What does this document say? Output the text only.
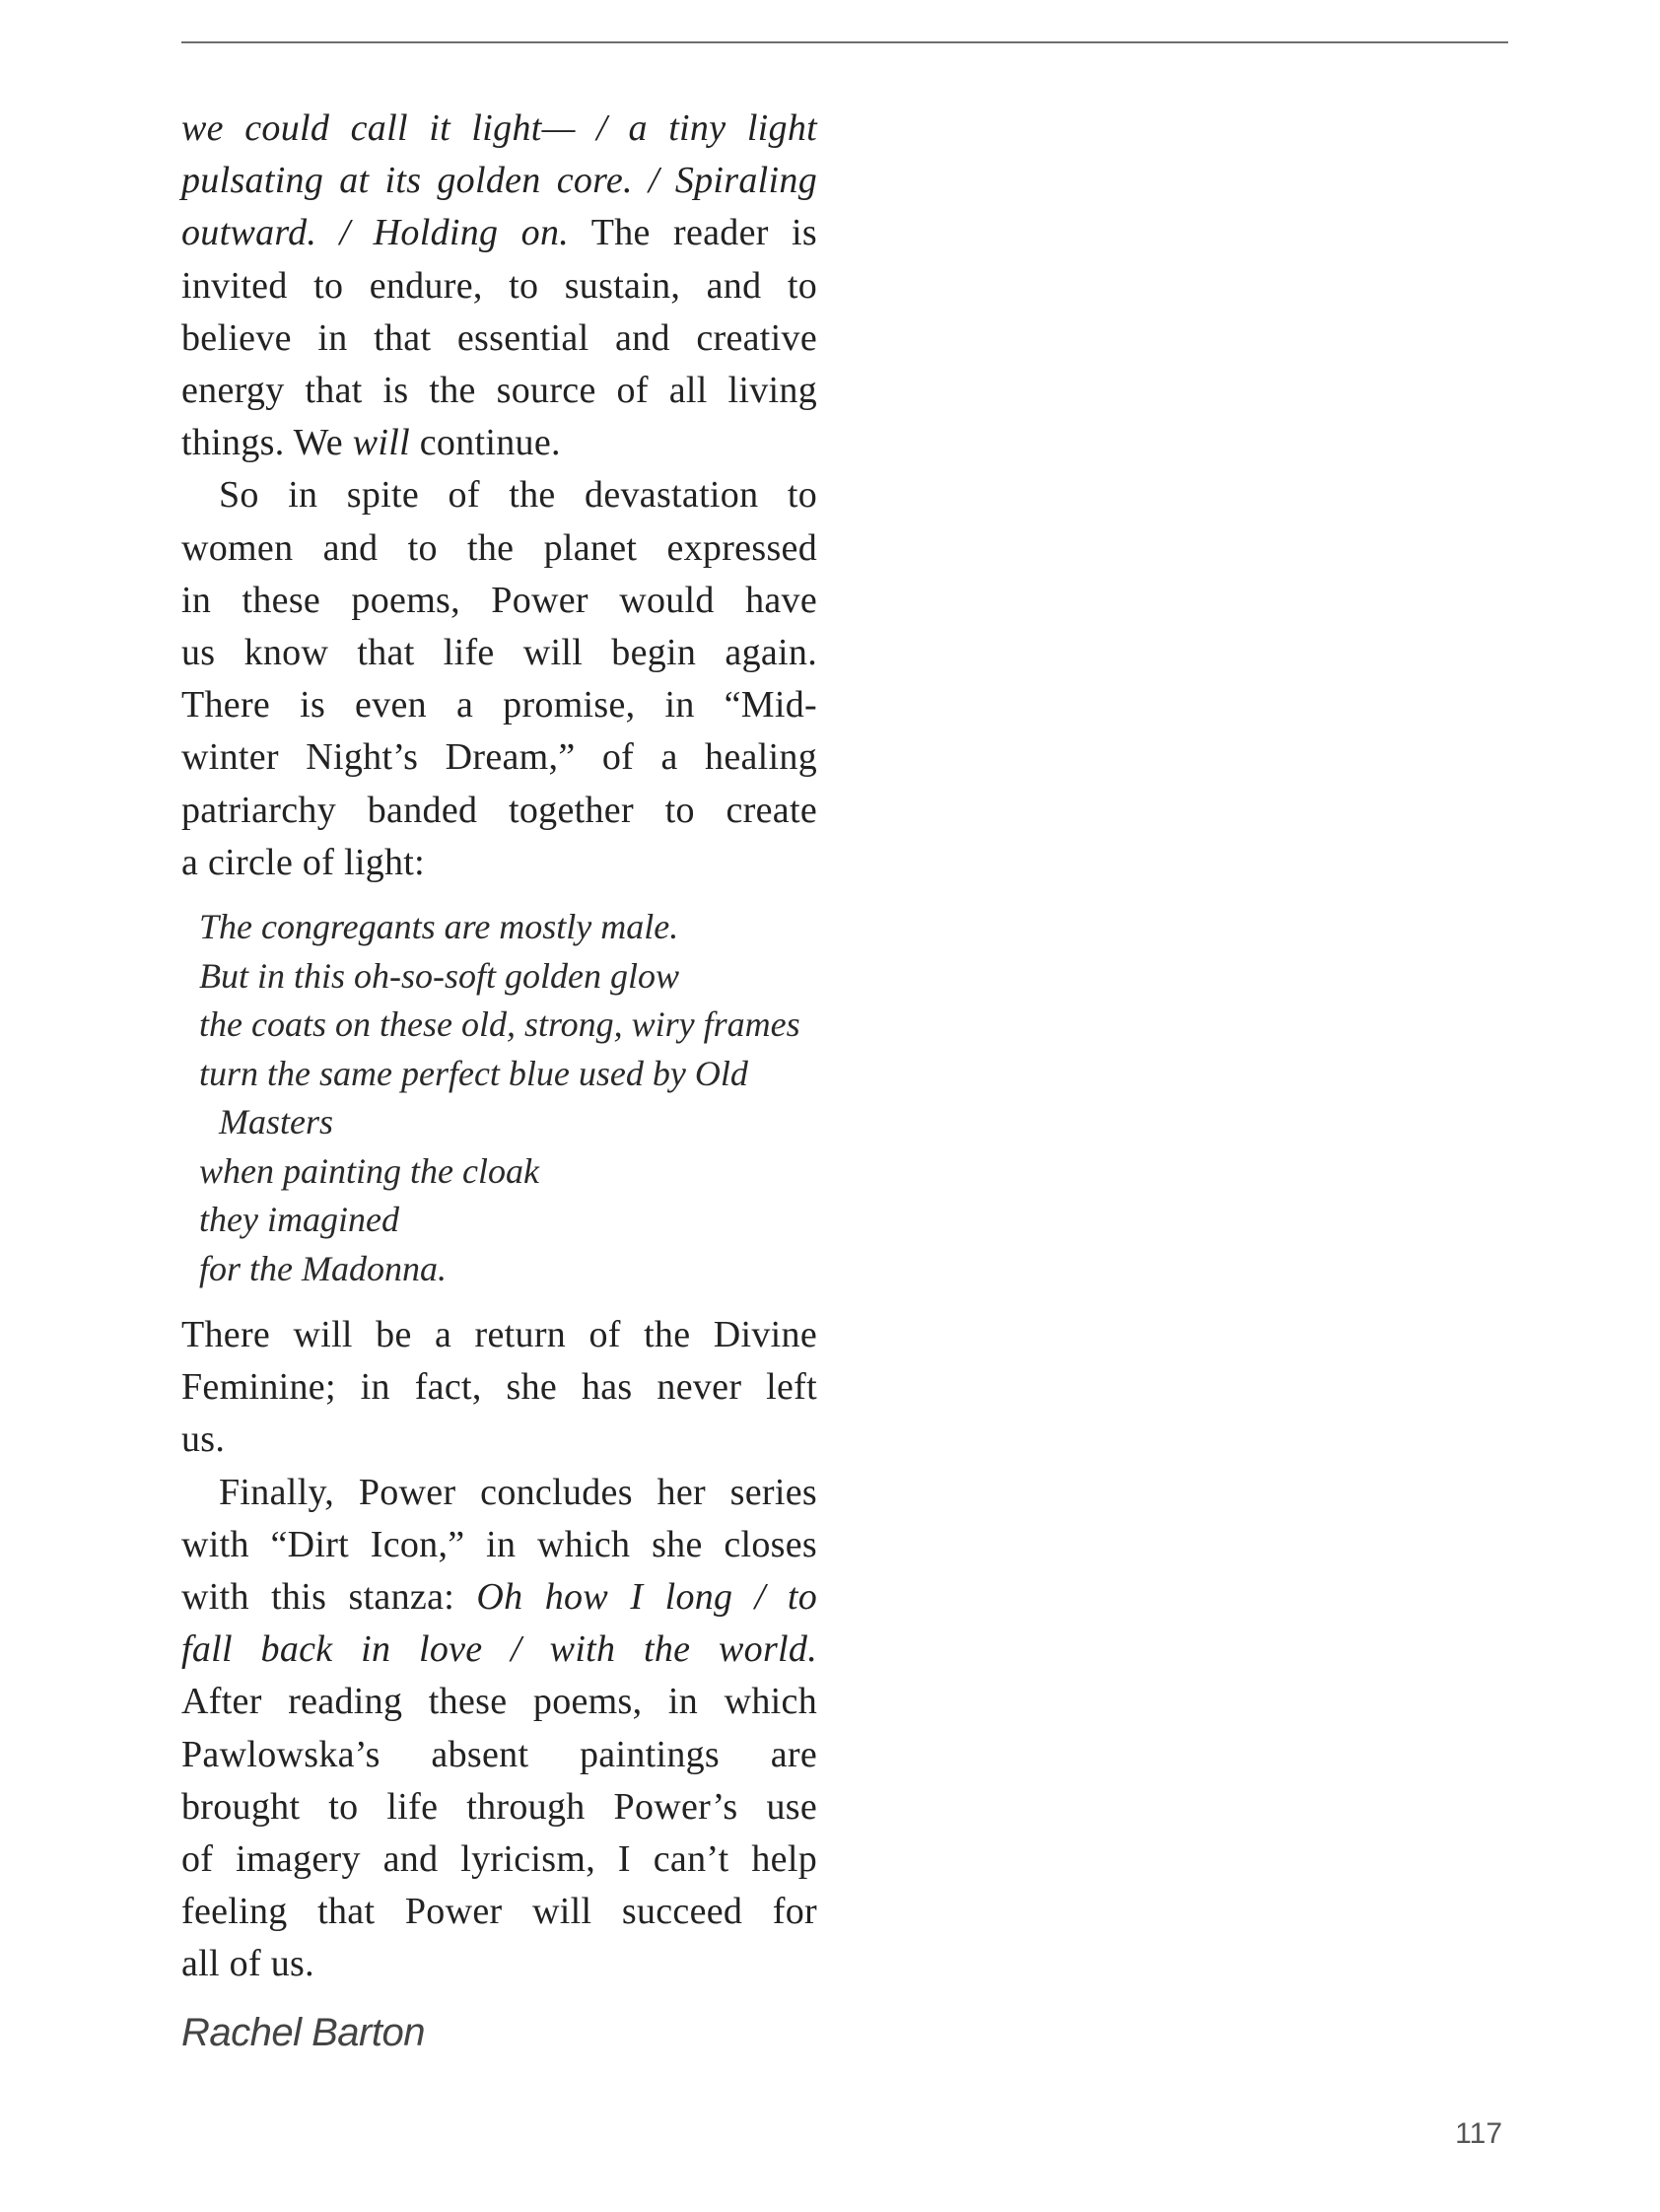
we could call it light— / a tiny light
pulsating at its golden core. / Spiraling
outward. / Holding on. The reader is
invited to endure, to sustain, and to
believe in that essential and creative
energy that is the source of all living
things. We will continue.

So in spite of the devastation to
women and to the planet expressed
in these poems, Power would have
us know that life will begin again.
There is even a promise, in “Mid-
winter Night’s Dream,” of a healing
patriarchy banded together to create
a circle of light:

The congregants are mostly male.
But in this oh-so-soft golden glow
the coats on these old, strong, wiry frames
turn the same perfect blue used by Old
Masters
when painting the cloak
they imagined
for the Madonna.

There will be a return of the Divine
Feminine; in fact, she has never left
us.

Finally, Power concludes her series
with “Dirt Icon,” in which she closes
with this stanza: Oh how I long / to
fall back in love / with the world.
After reading these poems, in which
Pawlowska’s absent paintings are
brought to life through Power’s use
of imagery and lyricism, I can’t help
feeling that Power will succeed for
all of us.

Rachel Barton
117
